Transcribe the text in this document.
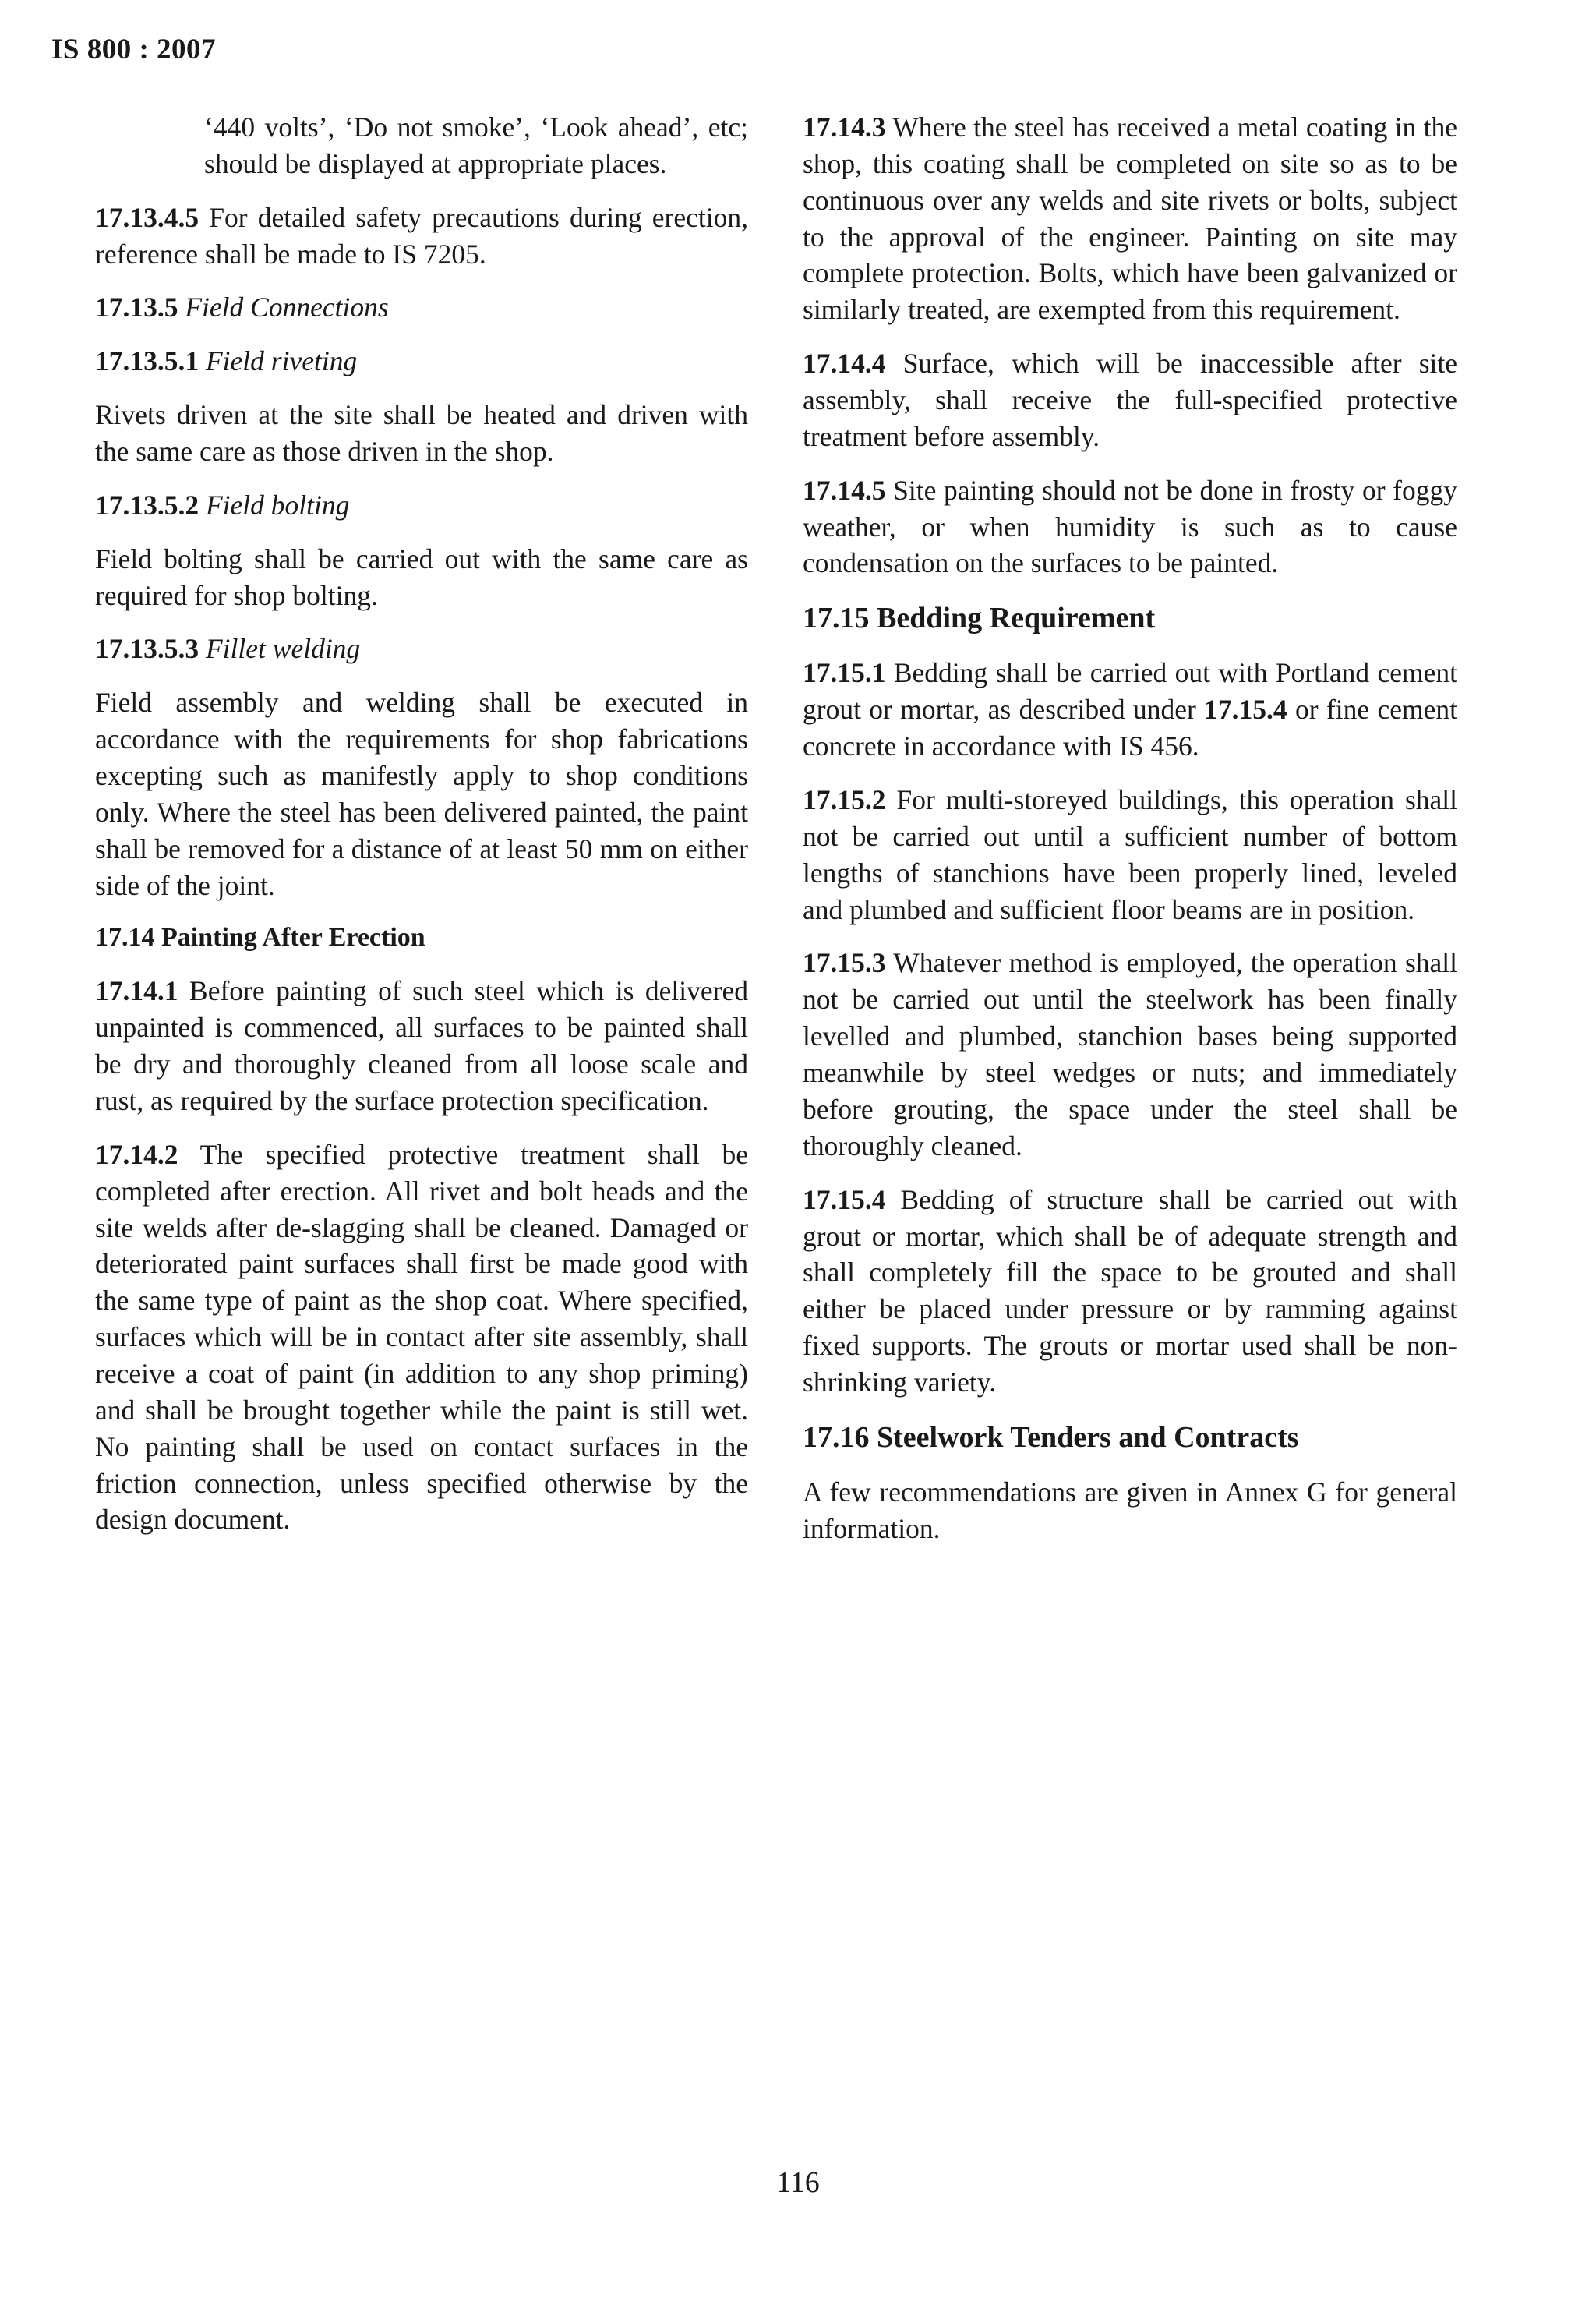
IS 800 : 2007

‘440 volts’, ‘Do not smoke’, ‘Look ahead’, etc; should be displayed at appropriate places.

17.13.4.5 For detailed safety precautions during erection, reference shall be made to IS 7205.

17.13.5 Field Connections

17.13.5.1 Field riveting

Rivets driven at the site shall be heated and driven with the same care as those driven in the shop.

17.13.5.2 Field bolting

Field bolting shall be carried out with the same care as required for shop bolting.

17.13.5.3 Fillet welding

Field assembly and welding shall be executed in accordance with the requirements for shop fabrications excepting such as manifestly apply to shop conditions only. Where the steel has been delivered painted, the paint shall be removed for a distance of at least 50 mm on either side of the joint.

17.14 Painting After Erection

17.14.1 Before painting of such steel which is delivered unpainted is commenced, all surfaces to be painted shall be dry and thoroughly cleaned from all loose scale and rust, as required by the surface protection specification.

17.14.2 The specified protective treatment shall be completed after erection. All rivet and bolt heads and the site welds after de-slagging shall be cleaned. Damaged or deteriorated paint surfaces shall first be made good with the same type of paint as the shop coat. Where specified, surfaces which will be in contact after site assembly, shall receive a coat of paint (in addition to any shop priming) and shall be brought together while the paint is still wet. No painting shall be used on contact surfaces in the friction connection, unless specified otherwise by the design document.

17.14.3 Where the steel has received a metal coating in the shop, this coating shall be completed on site so as to be continuous over any welds and site rivets or bolts, subject to the approval of the engineer. Painting on site may complete protection. Bolts, which have been galvanized or similarly treated, are exempted from this requirement.

17.14.4 Surface, which will be inaccessible after site assembly, shall receive the full-specified protective treatment before assembly.

17.14.5 Site painting should not be done in frosty or foggy weather, or when humidity is such as to cause condensation on the surfaces to be painted.

17.15 Bedding Requirement

17.15.1 Bedding shall be carried out with Portland cement grout or mortar, as described under 17.15.4 or fine cement concrete in accordance with IS 456.

17.15.2 For multi-storeyed buildings, this operation shall not be carried out until a sufficient number of bottom lengths of stanchions have been properly lined, leveled and plumbed and sufficient floor beams are in position.

17.15.3 Whatever method is employed, the operation shall not be carried out until the steelwork has been finally levelled and plumbed, stanchion bases being supported meanwhile by steel wedges or nuts; and immediately before grouting, the space under the steel shall be thoroughly cleaned.

17.15.4 Bedding of structure shall be carried out with grout or mortar, which shall be of adequate strength and shall completely fill the space to be grouted and shall either be placed under pressure or by ramming against fixed supports. The grouts or mortar used shall be non-shrinking variety.

17.16 Steelwork Tenders and Contracts

A few recommendations are given in Annex G for general information.

116
